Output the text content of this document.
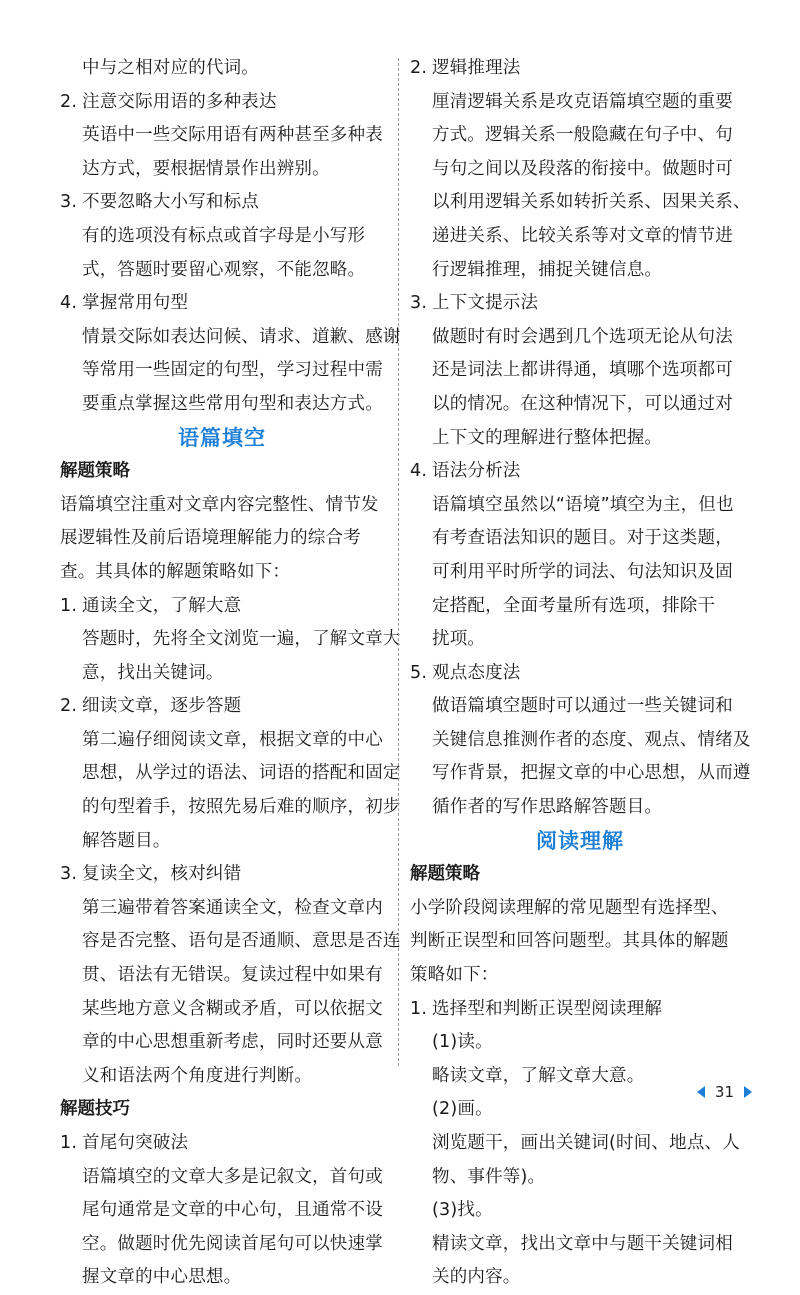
中与之相对应的代词。
2. 注意交际用语的多种表达
英语中一些交际用语有两种甚至多种表
达方式，要根据情景作出辨别。
3. 不要忽略大小写和标点
有的选项没有标点或首字母是小写形
式，答题时要留心观察，不能忽略。
4. 掌握常用句型
情景交际如表达问候、请求、道歉、感谢
等常用一些固定的句型，学习过程中需
要重点掌握这些常用句型和表达方式。
语篇填空
解题策略
语篇填空注重对文章内容完整性、情节发
展逻辑性及前后语境理解能力的综合考
查。其具体的解题策略如下：
1. 通读全文，了解大意
答题时，先将全文浏览一遍，了解文章大
意，找出关键词。
2. 细读文章，逐步答题
第二遍仔细阅读文章，根据文章的中心
思想，从学过的语法、词语的搭配和固定
的句型着手，按照先易后难的顺序，初步
解答题目。
3. 复读全文，核对纠错
第三遍带着答案通读全文，检查文章内
容是否完整、语句是否通顺、意思是否连
贯、语法有无错误。复读过程中如果有
某些地方意义含糊或矛盾，可以依据文
章的中心思想重新考虑，同时还要从意
义和语法两个角度进行判断。
解题技巧
1. 首尾句突破法
语篇填空的文章大多是记叙文，首句或
尾句通常是文章的中心句，且通常不设
空。做题时优先阅读首尾句可以快速掌
握文章的中心思想。
2. 逻辑推理法
厘清逻辑关系是攻克语篇填空题的重要
方式。逻辑关系一般隐藏在句子中、句
与句之间以及段落的衔接中。做题时可
以利用逻辑关系如转折关系、因果关系、
递进关系、比较关系等对文章的情节进
行逻辑推理，捕捉关键信息。
3. 上下文提示法
做题时有时会遇到几个选项无论从句法
还是词法上都讲得通，填哪个选项都可
以的情况。在这种情况下，可以通过对
上下文的理解进行整体把握。
4. 语法分析法
语篇填空虽然以“语境”填空为主，但也
有考查语法知识的题目。对于这类题，
可利用平时所学的词法、句法知识及固
定搭配，全面考量所有选项，排除干
扰项。
5. 观点态度法
做语篇填空题时可以通过一些关键词和
关键信息推测作者的态度、观点、情绪及
写作背景，把握文章的中心思想，从而遵
循作者的写作思路解答题目。
阅读理解
解题策略
小学阶段阅读理解的常见题型有选择型、
判断正误型和回答问题型。其具体的解题
策略如下：
1. 选择型和判断正误型阅读理解
(1)读。
略读文章，了解文章大意。
(2)画。
浏览题干，画出关键词(时间、地点、人
物、事件等)。
(3)找。
精读文章，找出文章中与题干关键词相
关的内容。
31
